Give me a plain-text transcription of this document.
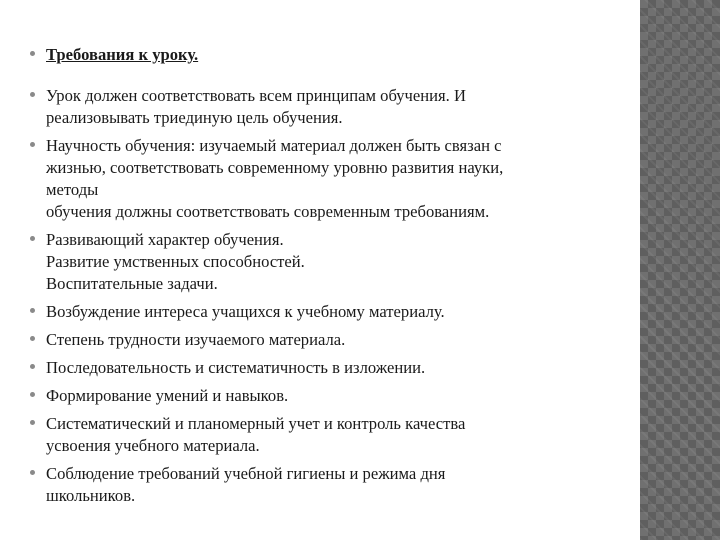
Требования к уроку.
Урок должен соответствовать всем принципам обучения. И
реализовывать триединую цель обучения.
Научность обучения: изучаемый материал должен быть связан с
жизнью, соответствовать современному уровню развития науки,
методы
обучения должны соответствовать современным требованиям.
Развивающий характер обучения.
Развитие умственных способностей.
Воспитательные задачи.
Возбуждение интереса учащихся к учебному материалу.
Степень трудности изучаемого материала.
Последовательность и систематичность в изложении.
Формирование умений и навыков.
Систематический и планомерный учет и контроль качества
усвоения учебного материала.
Соблюдение требований учебной гигиены и режима дня
школьников.
